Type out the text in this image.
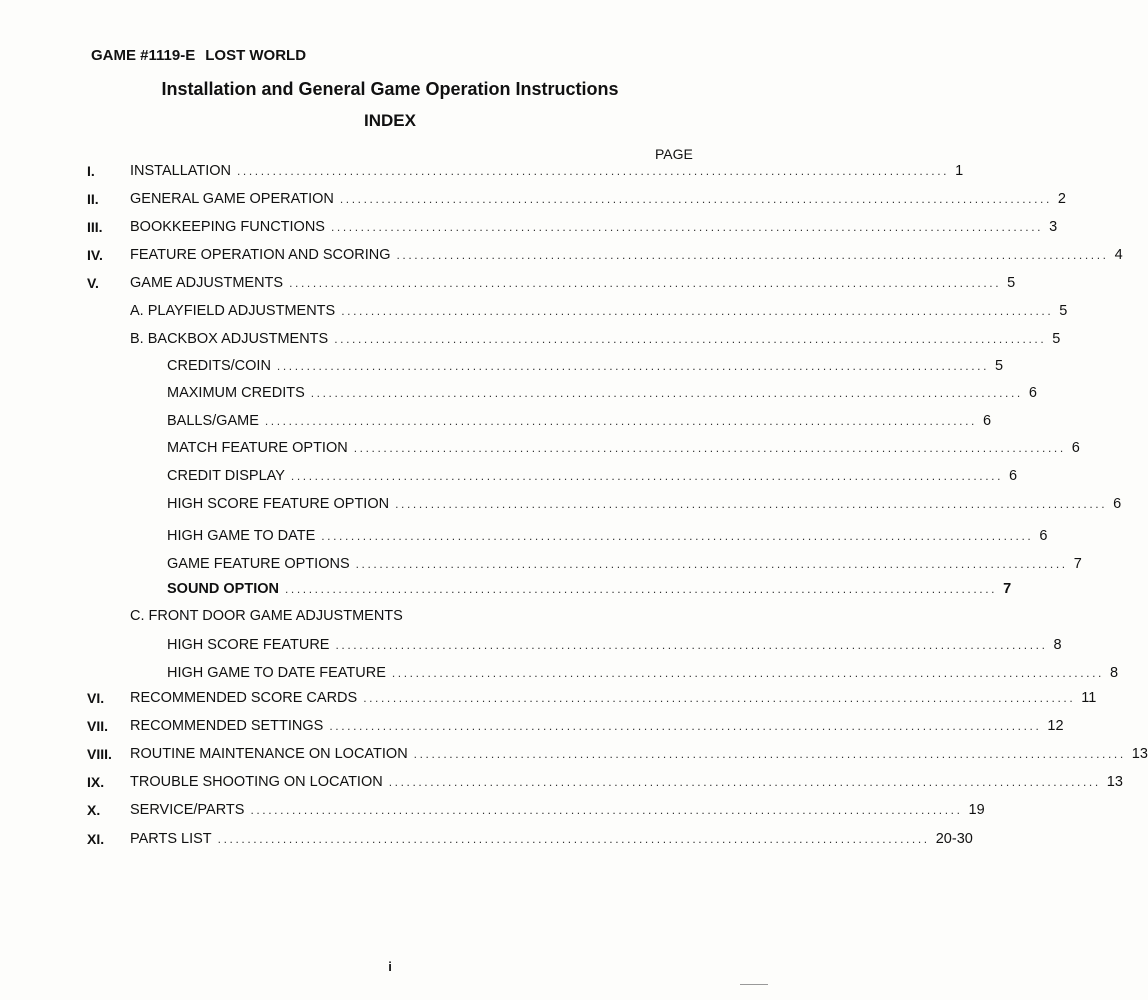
GAME #1119-E LOST WORLD
Installation and General Game Operation Instructions
INDEX
PAGE
I. INSTALLATION ........................................................................................................................ 1
II. GENERAL GAME OPERATION ........................................................................................................................ 2
III. BOOKKEEPING FUNCTIONS ........................................................................................................................ 3
IV. FEATURE OPERATION AND SCORING ........................................................................................................................ 4
V. GAME ADJUSTMENTS ........................................................................................................................ 5
A. PLAYFIELD ADJUSTMENTS ........................................................................................................................ 5
B. BACKBOX ADJUSTMENTS ........................................................................................................................ 5
CREDITS/COIN ........................................................................................................................ 5
MAXIMUM CREDITS ........................................................................................................................ 6
BALLS/GAME ........................................................................................................................ 6
MATCH FEATURE OPTION ........................................................................................................................ 6
CREDIT DISPLAY ........................................................................................................................ 6
HIGH SCORE FEATURE OPTION ........................................................................................................................ 6
HIGH GAME TO DATE ........................................................................................................................ 6
GAME FEATURE OPTIONS ........................................................................................................................ 7
SOUND OPTION ........................................................................................................................ 7
C. FRONT DOOR GAME ADJUSTMENTS
HIGH SCORE FEATURE ........................................................................................................................ 8
HIGH GAME TO DATE FEATURE ........................................................................................................................ 8
VI. RECOMMENDED SCORE CARDS ........................................................................................................................ 11
VII. RECOMMENDED SETTINGS ........................................................................................................................ 12
VIII. ROUTINE MAINTENANCE ON LOCATION ........................................................................................................................ 13
IX. TROUBLE SHOOTING ON LOCATION ........................................................................................................................ 13
X. SERVICE/PARTS ........................................................................................................................ 19
XI. PARTS LIST ........................................................................................................................ 20-30
i
